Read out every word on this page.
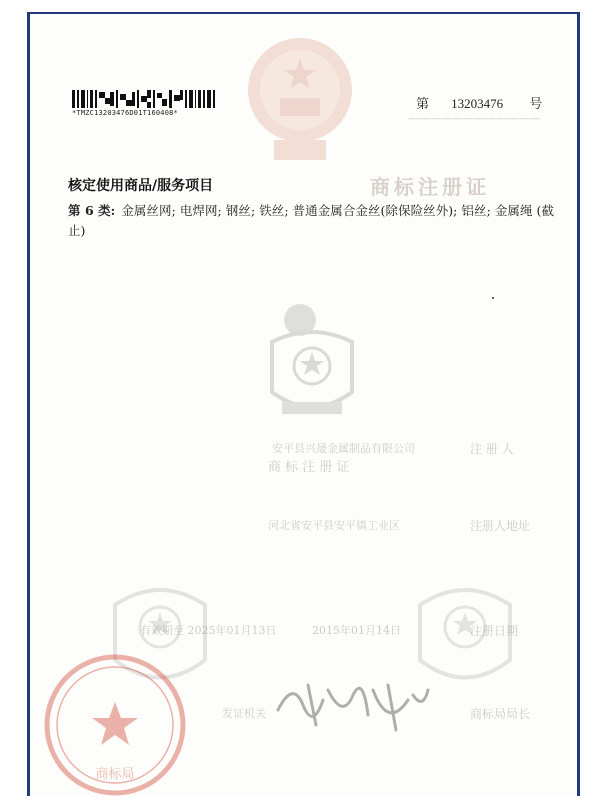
商标注册证
————————————
*TMZC13203476D01T160408*
第 13203476 号
核定使用商品/服务项目
第 6 类: 金属丝网; 电焊网; 钢丝; 铁丝; 普通金属合金丝(除保险丝外); 铝丝; 金属绳 (截止)
安平县兴晟金属制品有限公司
商 标 注 册 证
注 册 人
河北省安平县安平镇工业区	注册人地址
有效期至 2025年01月13日	2015年01月14日	注册日期
发证机关	商标局局长
商标局
